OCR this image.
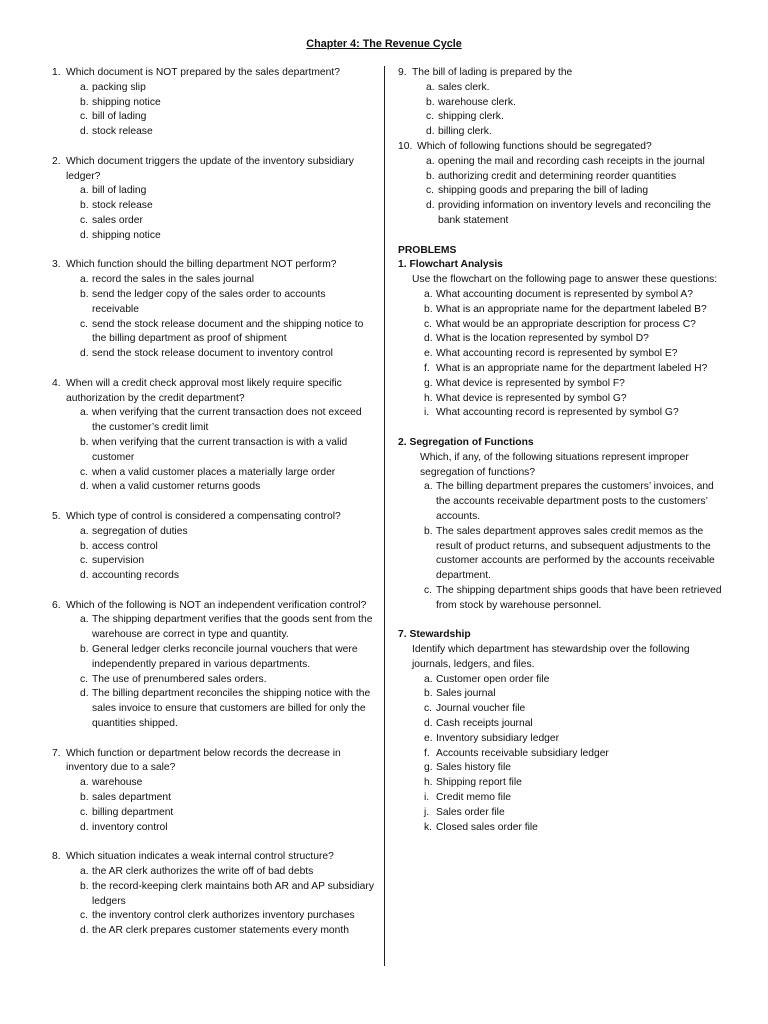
Chapter 4: The Revenue Cycle
1. Which document is NOT prepared by the sales department?
a. packing slip
b. shipping notice
c. bill of lading
d. stock release
2. Which document triggers the update of the inventory subsidiary ledger?
a. bill of lading
b. stock release
c. sales order
d. shipping notice
3. Which function should the billing department NOT perform?
a. record the sales in the sales journal
b. send the ledger copy of the sales order to accounts receivable
c. send the stock release document and the shipping notice to the billing department as proof of shipment
d. send the stock release document to inventory control
4. When will a credit check approval most likely require specific authorization by the credit department?
a. when verifying that the current transaction does not exceed the customer’s credit limit
b. when verifying that the current transaction is with a valid customer
c. when a valid customer places a materially large order
d. when a valid customer returns goods
5. Which type of control is considered a compensating control?
a. segregation of duties
b. access control
c. supervision
d. accounting records
6. Which of the following is NOT an independent verification control?
a. The shipping department verifies that the goods sent from the warehouse are correct in type and quantity.
b. General ledger clerks reconcile journal vouchers that were independently prepared in various departments.
c. The use of prenumbered sales orders.
d. The billing department reconciles the shipping notice with the sales invoice to ensure that customers are billed for only the quantities shipped.
7. Which function or department below records the decrease in inventory due to a sale?
a. warehouse
b. sales department
c. billing department
d. inventory control
8. Which situation indicates a weak internal control structure?
a. the AR clerk authorizes the write off of bad debts
b. the record-keeping clerk maintains both AR and AP subsidiary ledgers
c. the inventory control clerk authorizes inventory purchases
d. the AR clerk prepares customer statements every month
9. The bill of lading is prepared by the
a. sales clerk.
b. warehouse clerk.
c. shipping clerk.
d. billing clerk.
10. Which of following functions should be segregated?
a. opening the mail and recording cash receipts in the journal
b. authorizing credit and determining reorder quantities
c. shipping goods and preparing the bill of lading
d. providing information on inventory levels and reconciling the bank statement
PROBLEMS
1. Flowchart Analysis
Use the flowchart on the following page to answer these questions:
a. What accounting document is represented by symbol A?
b. What is an appropriate name for the department labeled B?
c. What would be an appropriate description for process C?
d. What is the location represented by symbol D?
e. What accounting record is represented by symbol E?
f. What is an appropriate name for the department labeled H?
g. What device is represented by symbol F?
h. What device is represented by symbol G?
i. What accounting record is represented by symbol G?
2. Segregation of Functions
Which, if any, of the following situations represent improper segregation of functions?
a. The billing department prepares the customers’ invoices, and the accounts receivable department posts to the customers’ accounts.
b. The sales department approves sales credit memos as the result of product returns, and subsequent adjustments to the customer accounts are performed by the accounts receivable department.
c. The shipping department ships goods that have been retrieved from stock by warehouse personnel.
7. Stewardship
Identify which department has stewardship over the following journals, ledgers, and files.
a. Customer open order file
b. Sales journal
c. Journal voucher file
d. Cash receipts journal
e. Inventory subsidiary ledger
f. Accounts receivable subsidiary ledger
g. Sales history file
h. Shipping report file
i. Credit memo file
j. Sales order file
k. Closed sales order file
